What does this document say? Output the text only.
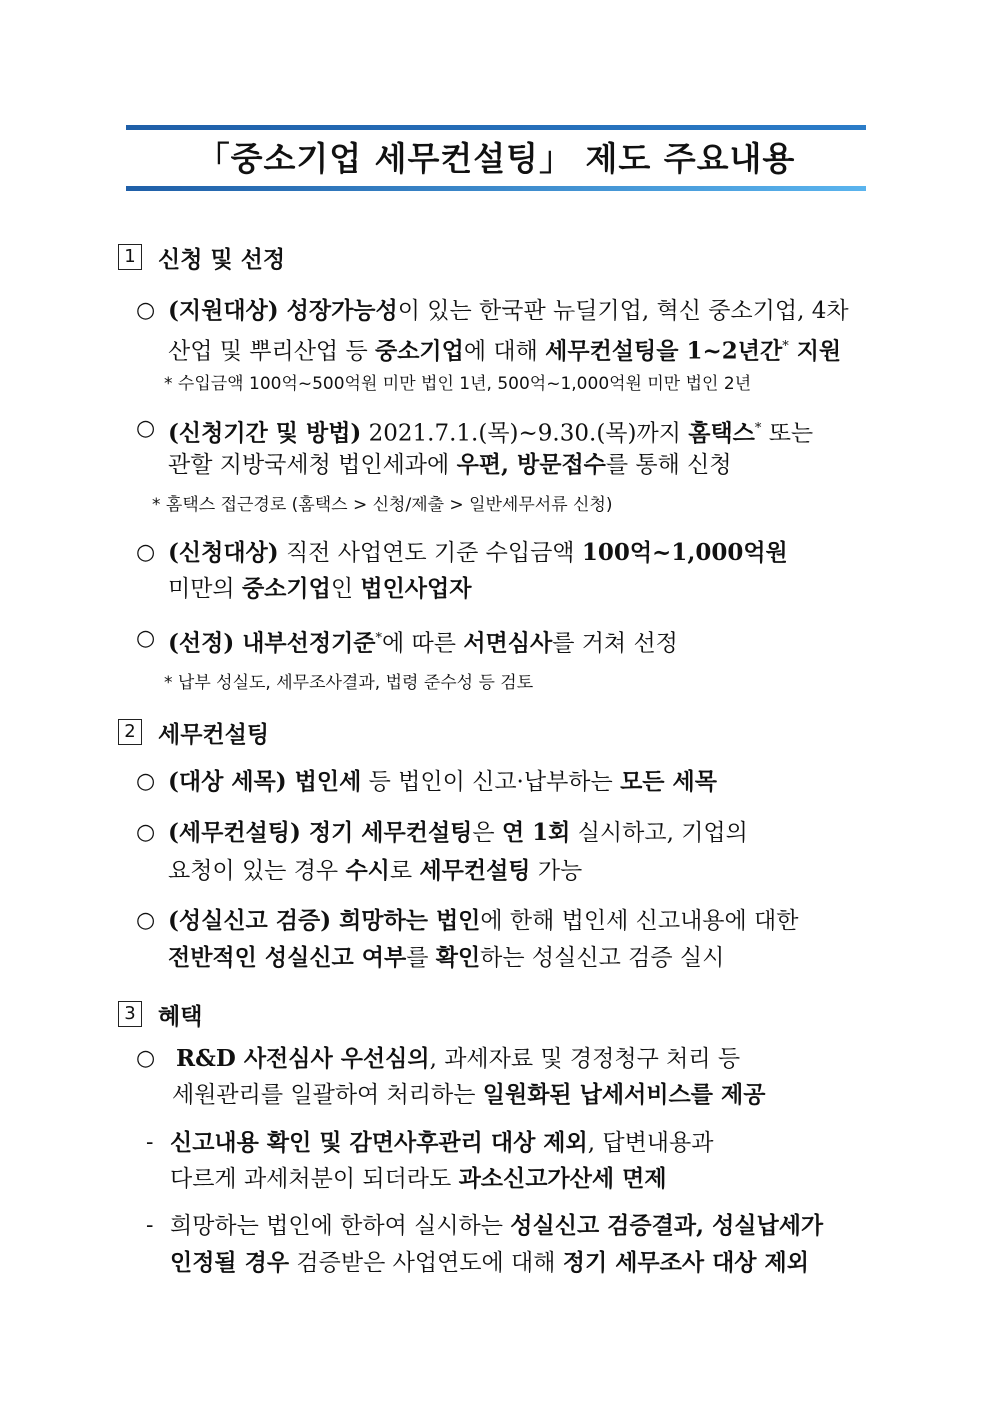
「중소기업 세무컨설팅」 제도 주요내용
1 신청 및 선정
○ (지원대상) 성장가능성이 있는 한국판 뉴딜기업, 혁신 중소기업, 4차
산업 및 뿌리산업 등 중소기업에 대해 세무컨설팅을 1~2년간* 지원
* 수입금액 100억~500억원 미만 법인 1년, 500억~1,000억원 미만 법인 2년
○ (신청기간 및 방법) 2021.7.1.(목)~9.30.(목)까지 홈택스* 또는
관할 지방국세청 법인세과에 우편, 방문접수를 통해 신청
* 홈택스 접근경로 (홈택스 > 신청/제출 > 일반세무서류 신청)
○ (신청대상) 직전 사업연도 기준 수입금액 100억~1,000억원
미만의 중소기업인 법인사업자
○ (선정) 내부선정기준*에 따른 서면심사를 거쳐 선정
* 납부 성실도, 세무조사결과, 법령 준수성 등 검토
2 세무컨설팅
○ (대상 세목) 법인세 등 법인이 신고·납부하는 모든 세목
○ (세무컨설팅) 정기 세무컨설팅은 연 1회 실시하고, 기업의
요청이 있는 경우 수시로 세무컨설팅 가능
○ (성실신고 검증) 희망하는 법인에 한해 법인세 신고내용에 대한
전반적인 성실신고 여부를 확인하는 성실신고 검증 실시
3 혜택
○ R&D 사전심사 우선심의, 과세자료 및 경정청구 처리 등
세원관리를 일괄하여 처리하는 일원화된 납세서비스를 제공
- 신고내용 확인 및 감면사후관리 대상 제외, 답변내용과
다르게 과세처분이 되더라도 과소신고가산세 면제
- 희망하는 법인에 한하여 실시하는 성실신고 검증결과, 성실납세가
인정될 경우 검증받은 사업연도에 대해 정기 세무조사 대상 제외
